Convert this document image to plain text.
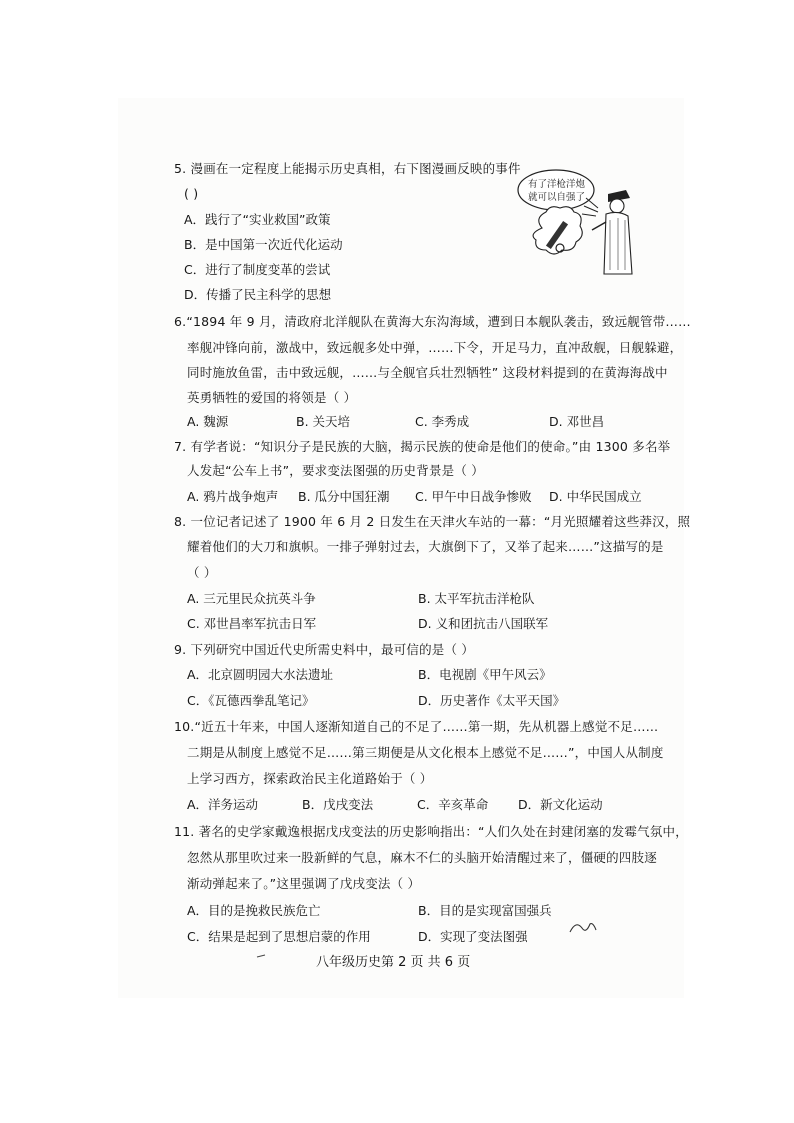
5. 漫画在一定程度上能揭示历史真相，右下图漫画反映的事件
( )
A．践行了“实业救国”政策
B．是中国第一次近代化运动
C．进行了制度变革的尝试
D．传播了民主科学的思想
有了洋枪洋炮
就可以自强了
6.“1894 年 9 月，清政府北洋舰队在黄海大东沟海域，遭到日本舰队袭击，致远舰管带……
率舰冲锋向前，激战中，致远舰多处中弹，……下令，开足马力，直冲敌舰，日舰躲避，
同时施放鱼雷，击中致远舰，……与全舰官兵壮烈牺牲” 这段材料提到的在黄海海战中
英勇牺牲的爱国的将领是（ ）
A. 魏源	B. 关天培	C. 李秀成	D. 邓世昌
7. 有学者说：“知识分子是民族的大脑，揭示民族的使命是他们的使命。”由 1300 多名举
人发起“公车上书”，要求变法图强的历史背景是（ ）
A. 鸦片战争炮声 B. 瓜分中国狂潮 C. 甲午中日战争惨败 D. 中华民国成立
8. 一位记者记述了 1900 年 6 月 2 日发生在天津火车站的一幕：“月光照耀着这些莽汉，照
耀着他们的大刀和旗帜。一排子弹射过去，大旗倒下了，又举了起来……”这描写的是
（ ）
A. 三元里民众抗英斗争	B. 太平军抗击洋枪队
C. 邓世昌率军抗击日军	D. 义和团抗击八国联军
9. 下列研究中国近代史所需史料中，最可信的是（ ）
A．北京圆明园大水法遗址	B．电视剧《甲午风云》
C．《瓦德西拳乱笔记》	D．历史著作《太平天国》
10.“近五十年来，中国人逐渐知道自己的不足了……第一期，先从机器上感觉不足……
二期是从制度上感觉不足……第三期便是从文化根本上感觉不足……”，中国人从制度
上学习西方，探索政治民主化道路始于（ ）
A．洋务运动	B．戊戌变法	C．辛亥革命 D．新文化运动
11. 著名的史学家戴逸根据戊戌变法的历史影响指出：“人们久处在封建闭塞的发霉气氛中，
忽然从那里吹过来一股新鲜的气息，麻木不仁的头脑开始清醒过来了，僵硬的四肢逐
渐动弹起来了。”这里强调了戊戌变法（ ）
A．目的是挽救民族危亡	B．目的是实现富国强兵
C．结果是起到了思想启蒙的作用	D．实现了变法图强
八年级历史第 2 页 共 6 页
